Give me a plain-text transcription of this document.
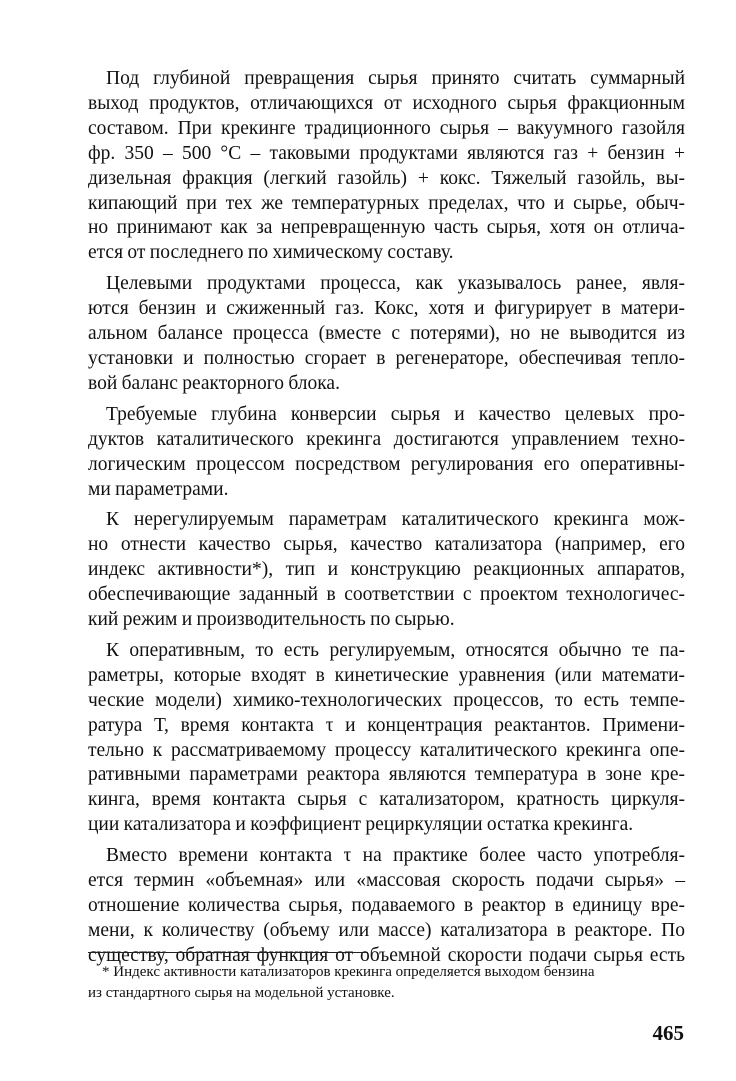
Под глубиной превращения сырья принято считать суммарный
выход продуктов, отличающихся от исходного сырья фракционным
составом. При крекинге традиционного сырья – вакуумного газойля
фр. 350 – 500 °С – таковыми продуктами являются газ + бензин +
дизельная фракция (легкий газойль) + кокс. Тяжелый газойль, вы-
кипающий при тех же температурных пределах, что и сырье, обыч-
но принимают как за непревращенную часть сырья, хотя он отлича-
ется от последнего по химическому составу.

Целевыми продуктами процесса, как указывалось ранее, явля-
ются бензин и сжиженный газ. Кокс, хотя и фигурирует в матери-
альном балансе процесса (вместе с потерями), но не выводится из
установки и полностью сгорает в регенераторе, обеспечивая тепло-
вой баланс реакторного блока.

Требуемые глубина конверсии сырья и качество целевых про-
дуктов каталитического крекинга достигаются управлением техно-
логическим процессом посредством регулирования его оперативны-
ми параметрами.

К нерегулируемым параметрам каталитического крекинга мож-
но отнести качество сырья, качество катализатора (например, его
индекс активности*), тип и конструкцию реакционных аппаратов,
обеспечивающие заданный в соответствии с проектом технологичес-
кий режим и производительность по сырью.

К оперативным, то есть регулируемым, относятся обычно те па-
раметры, которые входят в кинетические уравнения (или математи-
ческие модели) химико-технологических процессов, то есть темпе-
ратура Т, время контакта τ и концентрация реактантов. Примени-
тельно к рассматриваемому процессу каталитического крекинга опе-
ративными параметрами реактора являются температура в зоне кре-
кинга, время контакта сырья с катализатором, кратность циркуля-
ции катализатора и коэффициент рециркуляции остатка крекинга.

Вместо времени контакта τ на практике более часто употребля-
ется термин «объемная» или «массовая скорость подачи сырья» –
отношение количества сырья, подаваемого в реактор в единицу вре-
мени, к количеству (объему или массе) катализатора в реакторе. По
существу, обратная функция от объемной скорости подачи сырья есть

* Индекс активности катализаторов крекинга определяется выходом бензина
из стандартного сырья на модельной установке.
465
